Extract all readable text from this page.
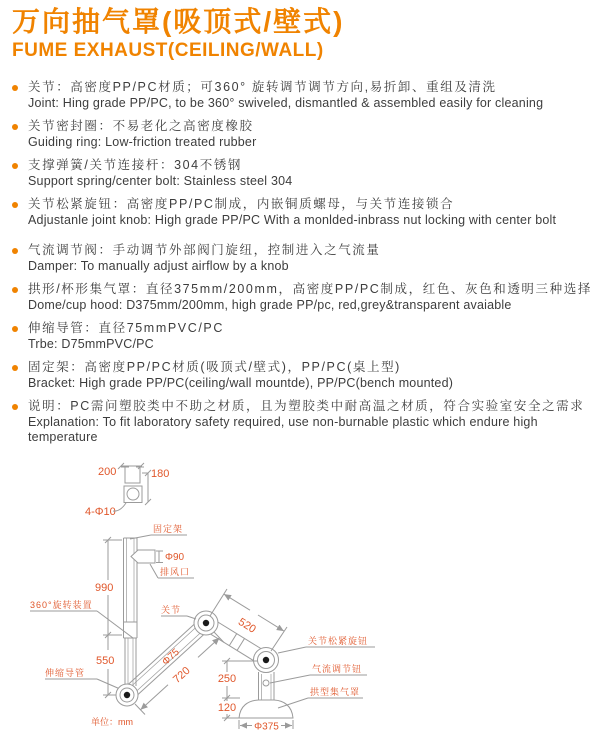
万向抽气罩(吸顶式/壁式)
FUME EXHAUST(CEILING/WALL)
关节：高密度PP/PC材质；可360° 旋转调节调节方向,易折卸、重组及清洗
Joint: Hing grade PP/PC, to be 360° swiveled, dismantled & assembled easily for cleaning
关节密封圈：不易老化之高密度橡胶
Guiding ring: Low-friction treated rubber
支撑弹簧/关节连接杆：304不锈钢
Support spring/center bolt: Stainless steel 304
关节松紧旋钮：高密度PP/PC制成，内嵌铜质螺母，与关节连接锁合
Adjustanle joint knob: High grade PP/PC With a monlded-inbrass nut locking with center bolt
气流调节阀：手动调节外部阀门旋纽，控制进入之气流量
Damper: To manually adjust airflow by a knob
拱形/杯形集气罩：直径375mm/200mm，高密度PP/PC制成，红色、灰色和透明三种选择
Dome/cup hood: D375mm/200mm, high grade PP/pc, red,grey&transparent avaiable
伸缩导管：直径75mmPVC/PC
Trbe: D75mmPVC/PC
固定架：高密度PP/PC材质(吸顶式/壁式)，PP/PC(桌上型)
Bracket: High grade PP/PC(ceiling/wall mountde), PP/PC(bench mounted)
说明：PC需问塑胶类中不助之材质，且为塑胶类中耐高温之材质，符合实验室安全之需求
Explanation: To fit laboratory safety required, use non-burnable plastic which endure high temperature
200	180
4-Φ10
固定架
Φ90
排风口
990
550
360°旋转装置
伸缩导管
关节
520
Φ75
720 250
120
Φ375
关节松紧旋钮
气流调节钮
拱型集气罩
单位：mm
